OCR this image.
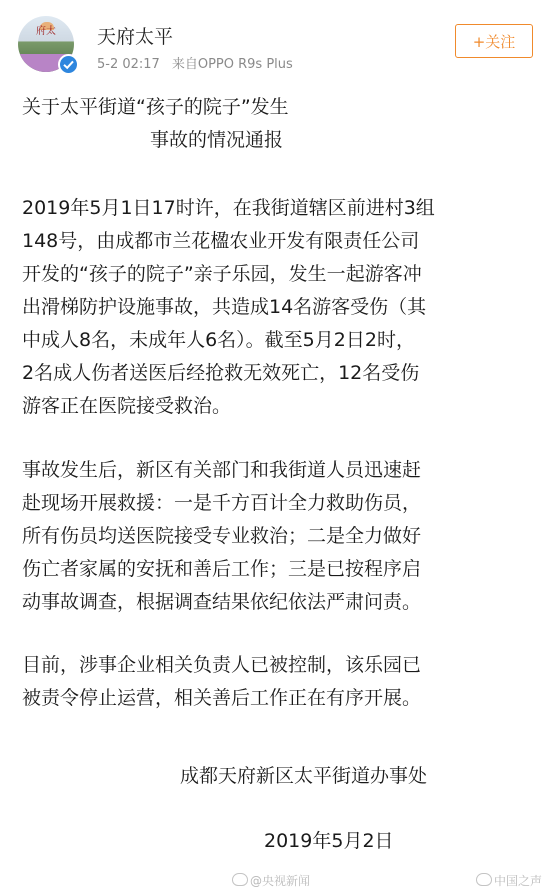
府太	天府太平
5-2 02:17 来自OPPO R9s Plus
+关注
关于太平街道“孩子的院子”发生
事故的情况通报
2019年5月1日17时许，在我街道辖区前进村3组
148号，由成都市兰花楹农业开发有限责任公司
开发的“孩子的院子”亲子乐园，发生一起游客冲
出滑梯防护设施事故，共造成14名游客受伤（其
中成人8名，未成年人6名）。截至5月2日2时，
2名成人伤者送医后经抢救无效死亡，12名受伤
游客正在医院接受救治。
事故发生后，新区有关部门和我街道人员迅速赶
赴现场开展救援：一是千方百计全力救助伤员，
所有伤员均送医院接受专业救治；二是全力做好
伤亡者家属的安抚和善后工作；三是已按程序启
动事故调查，根据调查结果依纪依法严肃问责。
目前，涉事企业相关负责人已被控制，该乐园已
被责令停止运营，相关善后工作正在有序开展。
成都天府新区太平街道办事处
2019年5月2日
@央视新闻	中国之声
